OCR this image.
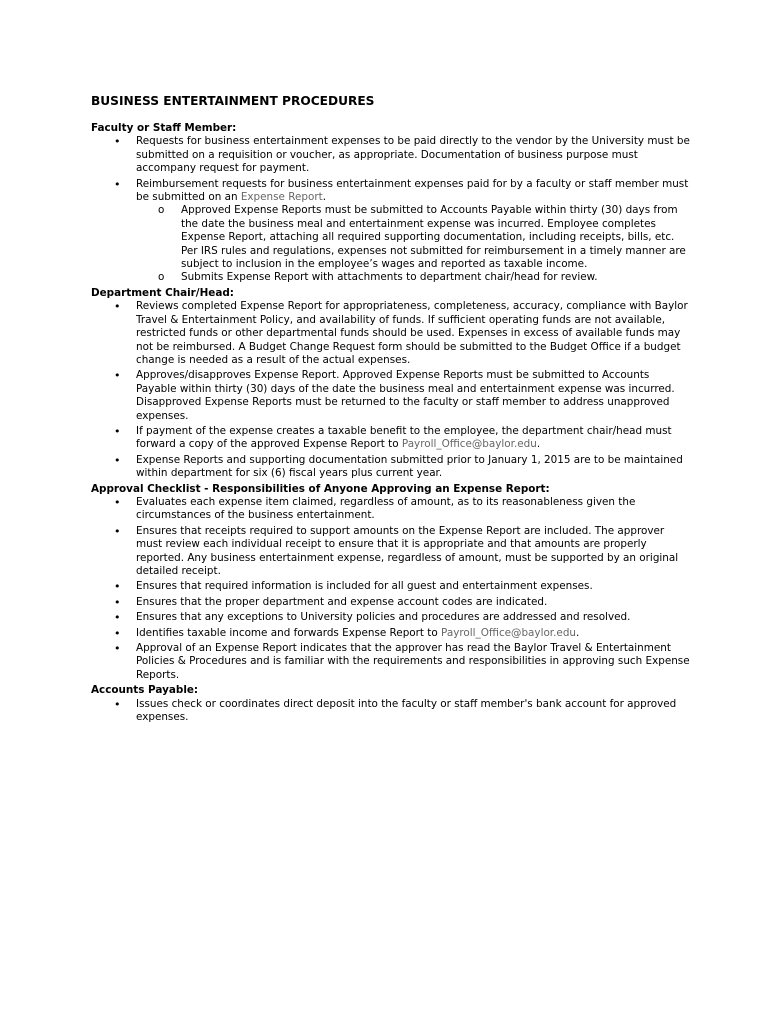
BUSINESS ENTERTAINMENT PROCEDURES
Faculty or Staff Member:
• Requests for business entertainment expenses to be paid directly to the vendor by the University must be submitted on a requisition or voucher, as appropriate. Documentation of business purpose must accompany request for payment.
• Reimbursement requests for business entertainment expenses paid for by a faculty or staff member must be submitted on an Expense Report.
o Approved Expense Reports must be submitted to Accounts Payable within thirty (30) days from the date the business meal and entertainment expense was incurred. Employee completes Expense Report, attaching all required supporting documentation, including receipts, bills, etc. Per IRS rules and regulations, expenses not submitted for reimbursement in a timely manner are subject to inclusion in the employee’s wages and reported as taxable income.
o Submits Expense Report with attachments to department chair/head for review.
Department Chair/Head:
• Reviews completed Expense Report for appropriateness, completeness, accuracy, compliance with Baylor Travel & Entertainment Policy, and availability of funds. If sufficient operating funds are not available, restricted funds or other departmental funds should be used. Expenses in excess of available funds may not be reimbursed. A Budget Change Request form should be submitted to the Budget Office if a budget change is needed as a result of the actual expenses.
• Approves/disapproves Expense Report. Approved Expense Reports must be submitted to Accounts Payable within thirty (30) days of the date the business meal and entertainment expense was incurred. Disapproved Expense Reports must be returned to the faculty or staff member to address unapproved expenses.
• If payment of the expense creates a taxable benefit to the employee, the department chair/head must forward a copy of the approved Expense Report to Payroll_Office@baylor.edu.
• Expense Reports and supporting documentation submitted prior to January 1, 2015 are to be maintained within department for six (6) fiscal years plus current year.
Approval Checklist - Responsibilities of Anyone Approving an Expense Report:
• Evaluates each expense item claimed, regardless of amount, as to its reasonableness given the circumstances of the business entertainment.
• Ensures that receipts required to support amounts on the Expense Report are included. The approver must review each individual receipt to ensure that it is appropriate and that amounts are properly reported. Any business entertainment expense, regardless of amount, must be supported by an original detailed receipt.
• Ensures that required information is included for all guest and entertainment expenses.
• Ensures that the proper department and expense account codes are indicated.
• Ensures that any exceptions to University policies and procedures are addressed and resolved.
• Identifies taxable income and forwards Expense Report to Payroll_Office@baylor.edu.
• Approval of an Expense Report indicates that the approver has read the Baylor Travel & Entertainment Policies & Procedures and is familiar with the requirements and responsibilities in approving such Expense Reports.
Accounts Payable:
• Issues check or coordinates direct deposit into the faculty or staff member's bank account for approved expenses.
